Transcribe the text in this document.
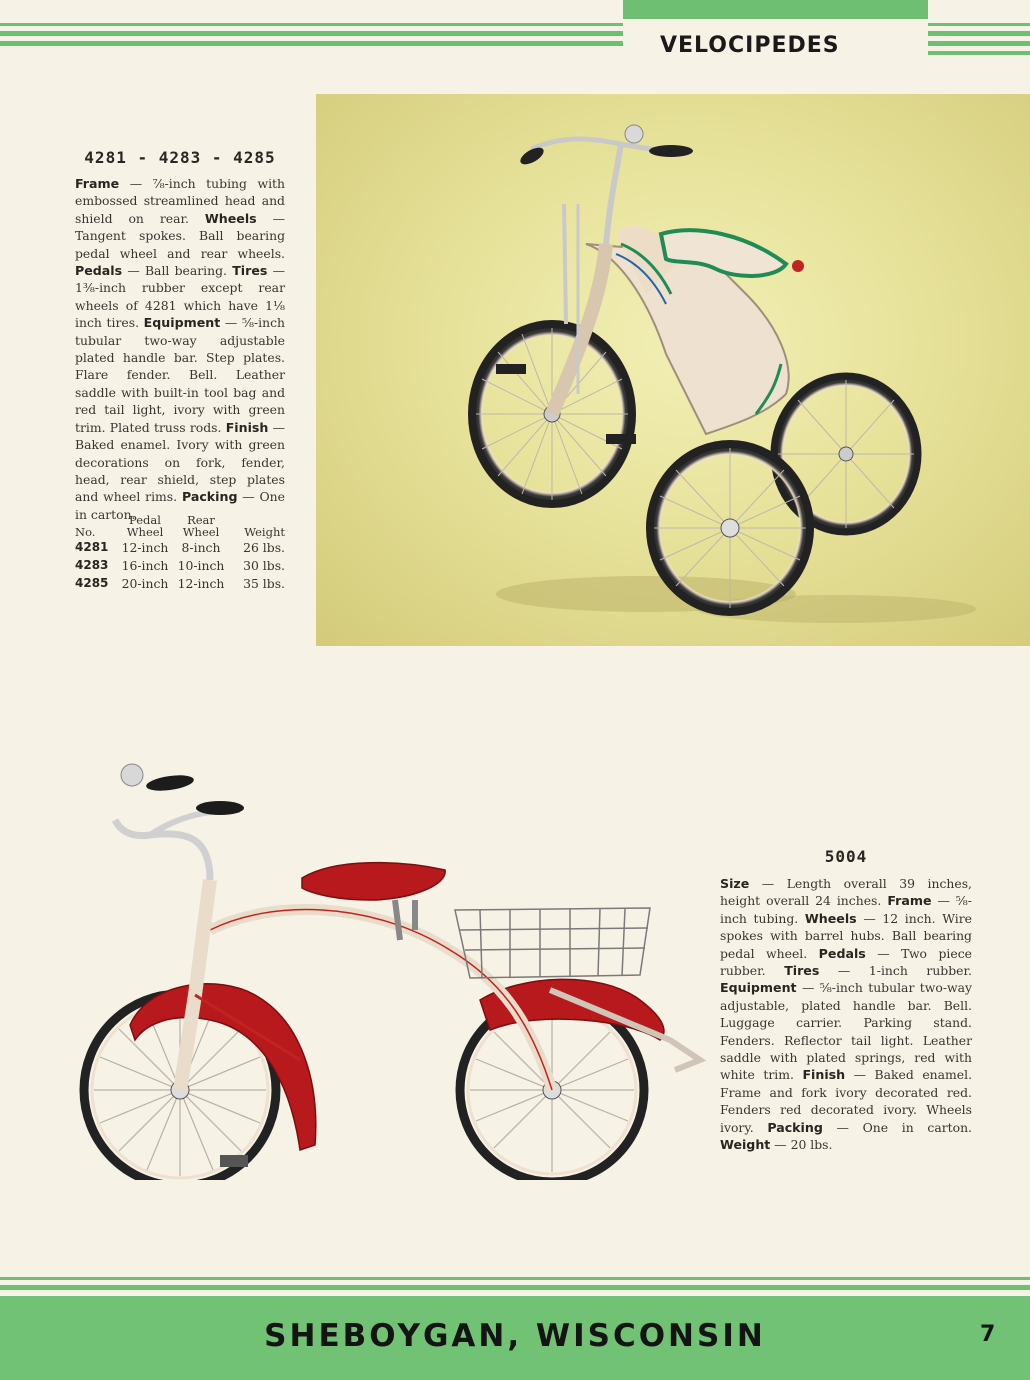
VELOCIPEDES
4281 - 4283 - 4285
Frame — ⅞-inch tubing with embossed streamlined head and shield on rear. Wheels — Tangent spokes. Ball bearing pedal wheel and rear wheels. Pedals — Ball bearing. Tires — 1⅜-inch rubber except rear wheels of 4281 which have 1⅛ inch tires. Equipment — ⅝-inch tubular two-way adjustable plated handle bar. Step plates. Flare fender. Bell. Leather saddle with built-in tool bag and red tail light, ivory with green trim. Plated truss rods. Finish — Baked enamel. Ivory with green decorations on fork, fender, head, rear shield, step plates and wheel rims. Packing — One in carton.
No.	Pedal Wheel	Rear Wheel	Weight
4281	12-inch	8-inch	26 lbs.
4283	16-inch	10-inch	30 lbs.
4285	20-inch	12-inch	35 lbs.
5004
Size — Length overall 39 inches, height overall 24 inches. Frame — ⅝-inch tubing. Wheels — 12 inch. Wire spokes with barrel hubs. Ball bearing pedal wheel. Pedals — Two piece rubber. Tires — 1-inch rubber. Equipment — ⅝-inch tubular two-way adjustable, plated handle bar. Bell. Luggage carrier. Parking stand. Fenders. Reflector tail light. Leather saddle with plated springs, red with white trim. Finish — Baked enamel. Frame and fork ivory decorated red. Fenders red decorated ivory. Wheels ivory. Packing — One in carton. Weight — 20 lbs.
SHEBOYGAN, WISCONSIN	7
